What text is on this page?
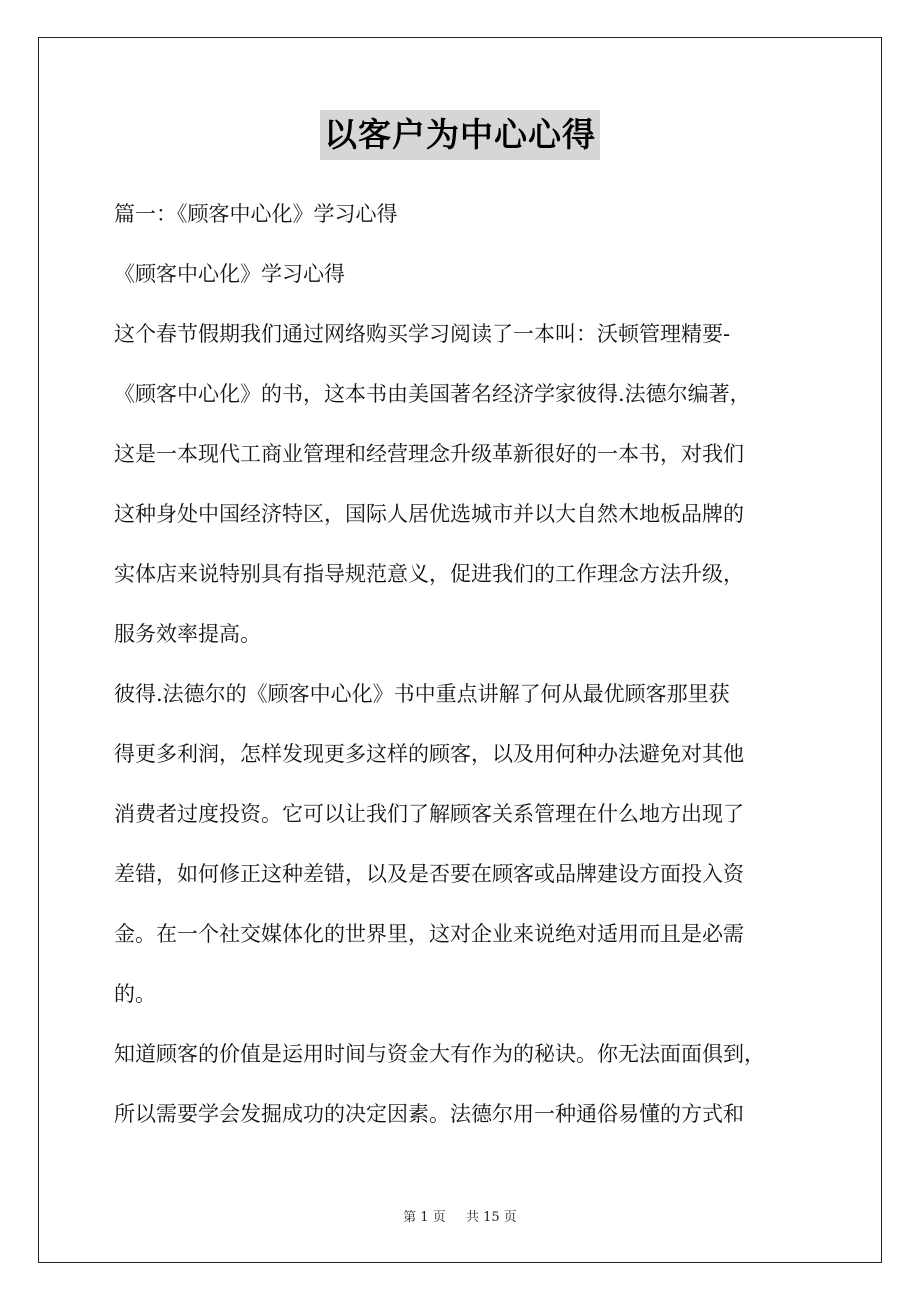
以客户为中心心得
篇一：《顾客中心化》学习心得
《顾客中心化》学习心得
这个春节假期我们通过网络购买学习阅读了一本叫：沃顿管理精要-
《顾客中心化》的书，这本书由美国著名经济学家彼得.法德尔编著，
这是一本现代工商业管理和经营理念升级革新很好的一本书，对我们
这种身处中国经济特区，国际人居优选城市并以大自然木地板品牌的
实体店来说特别具有指导规范意义，促进我们的工作理念方法升级，
服务效率提高。
彼得.法德尔的《顾客中心化》书中重点讲解了何从最优顾客那里获
得更多利润，怎样发现更多这样的顾客，以及用何种办法避免对其他
消费者过度投资。它可以让我们了解顾客关系管理在什么地方出现了
差错，如何修正这种差错，以及是否要在顾客或品牌建设方面投入资
金。在一个社交媒体化的世界里，这对企业来说绝对适用而且是必需
的。
知道顾客的价值是运用时间与资金大有作为的秘诀。你无法面面俱到，
所以需要学会发掘成功的决定因素。法德尔用一种通俗易懂的方式和
第 1 页 共 15 页
